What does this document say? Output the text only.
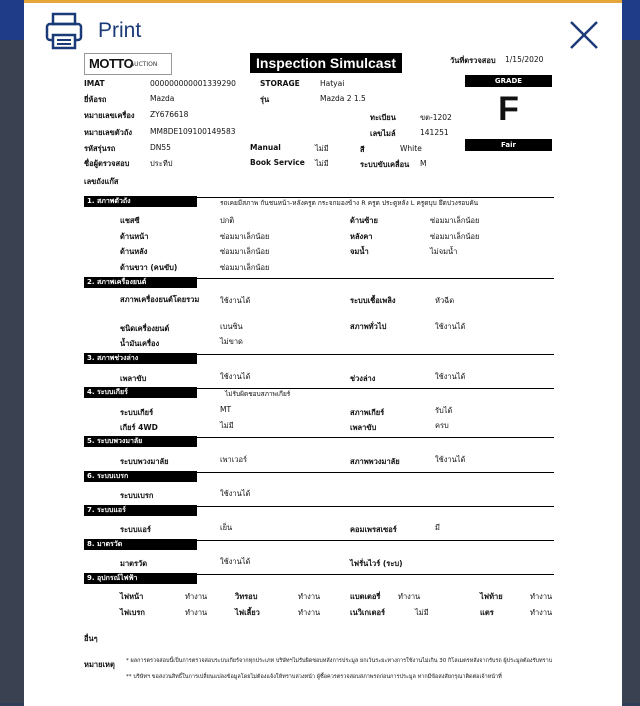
Print
MOTTO
AUCTION	Inspection Simulcast	วันที่ตรวจสอบ 1/15/2020
GRADE
F
Fair
IMAT	000000000001339290	STORAGE	Hatyai
ยี่ห้อรถ	Mazda	รุ่น	Mazda 2 1.5
หมายเลขเครื่อง ZY676618	ทะเบียน	ขต-1202
หมายเลขตัวถัง MM8DE109100149583	เลขไมล์	141251
รหัสรุ่นรถ	DN55	Manual	ไม่มี	สี	White
ชื่อผู้ตรวจสอบ	ประทีป	Book Service ไม่มี	ระบบขับเคลื่อน M
เลขถังแก๊ส
1. สภาพตัวถัง	รถเคยมีสภาพ กันชนหน้า-หลังครูด กระจกมองข้าง R ครูด ประตูหลัง L ครูดบุบ ยึดบ่วงรอบคัน
แชสซี	ปกติ	ด้านซ้าย	ซ่อมมาเล็กน้อย
ด้านหน้า	ซ่อมมาเล็กน้อย	หลังคา	ซ่อมมาเล็กน้อย
ด้านหลัง	ซ่อมมาเล็กน้อย	จมน้ำ	ไม่จมน้ำ
ด้านขวา (คนขับ)	ซ่อมมาเล็กน้อย
2. สภาพเครื่องยนต์
สภาพเครื่องยนต์โดยรวม	ใช้งานได้	ระบบเชื้อเพลิง	หัวฉีด
ชนิดเครื่องยนต์	เบนซิน	สภาพทั่วไป	ใช้งานได้
น้ำมันเครื่อง	ไม่ขาด
3. สภาพช่วงล่าง
เพลาขับ	ใช้งานได้	ช่วงล่าง	ใช้งานได้
4. ระบบเกียร์	ไม่รับผิดชอบสภาพเกียร์
ระบบเกียร์	MT	สภาพเกียร์	รับได้
เกียร์ 4WD	ไม่มี	เพลาขับ	ครบ
5. ระบบพวงมาลัย
ระบบพวงมาลัย	เพาเวอร์	สภาพพวงมาลัย	ใช้งานได้
6. ระบบเบรก
ระบบเบรก	ใช้งานได้
7. ระบบแอร์
ระบบแอร์	เย็น	คอมเพรสเซอร์	มี
8. มาตรวัด
มาตรวัด	ใช้งานได้	ไฟรั่นไวร์ (ระบ)
9. อุปกรณ์ไฟฟ้า
ไฟหน้า	ทำงาน	วิทรอบ	ทำงาน	แบตเตอรี่ ทำงาน	ไฟท้าย	ทำงาน
ไฟเบรก	ทำงาน	ไฟเลี้ยว	ทำงาน	เนวิเกเตอร์	ไม่มี	แตร	ทำงาน
อื่นๆ
หมายเหตุ * ผลการตรวจสอบนี้เป็นการตรวจสอบระบบเกียร์จากทุกประเภท บริษัทฯไม่รับผิดชอบหลังการประมูล ยกเว้นระยะทางการใช้งานไม่เกิน 30 กิโลเมตรหลังจากรับรถ ผู้ประมูลต้องรับทราบ
** บริษัทฯ ขอสงวนสิทธิ์ในการเปลี่ยนแปลงข้อมูลโดยไม่ต้องแจ้งให้ทราบล่วงหน้า ผู้ซื้อควรตรวจสอบสภาพรถก่อนการประมูล หากมีข้อสงสัยกรุณาติดต่อเจ้าหน้าที่
